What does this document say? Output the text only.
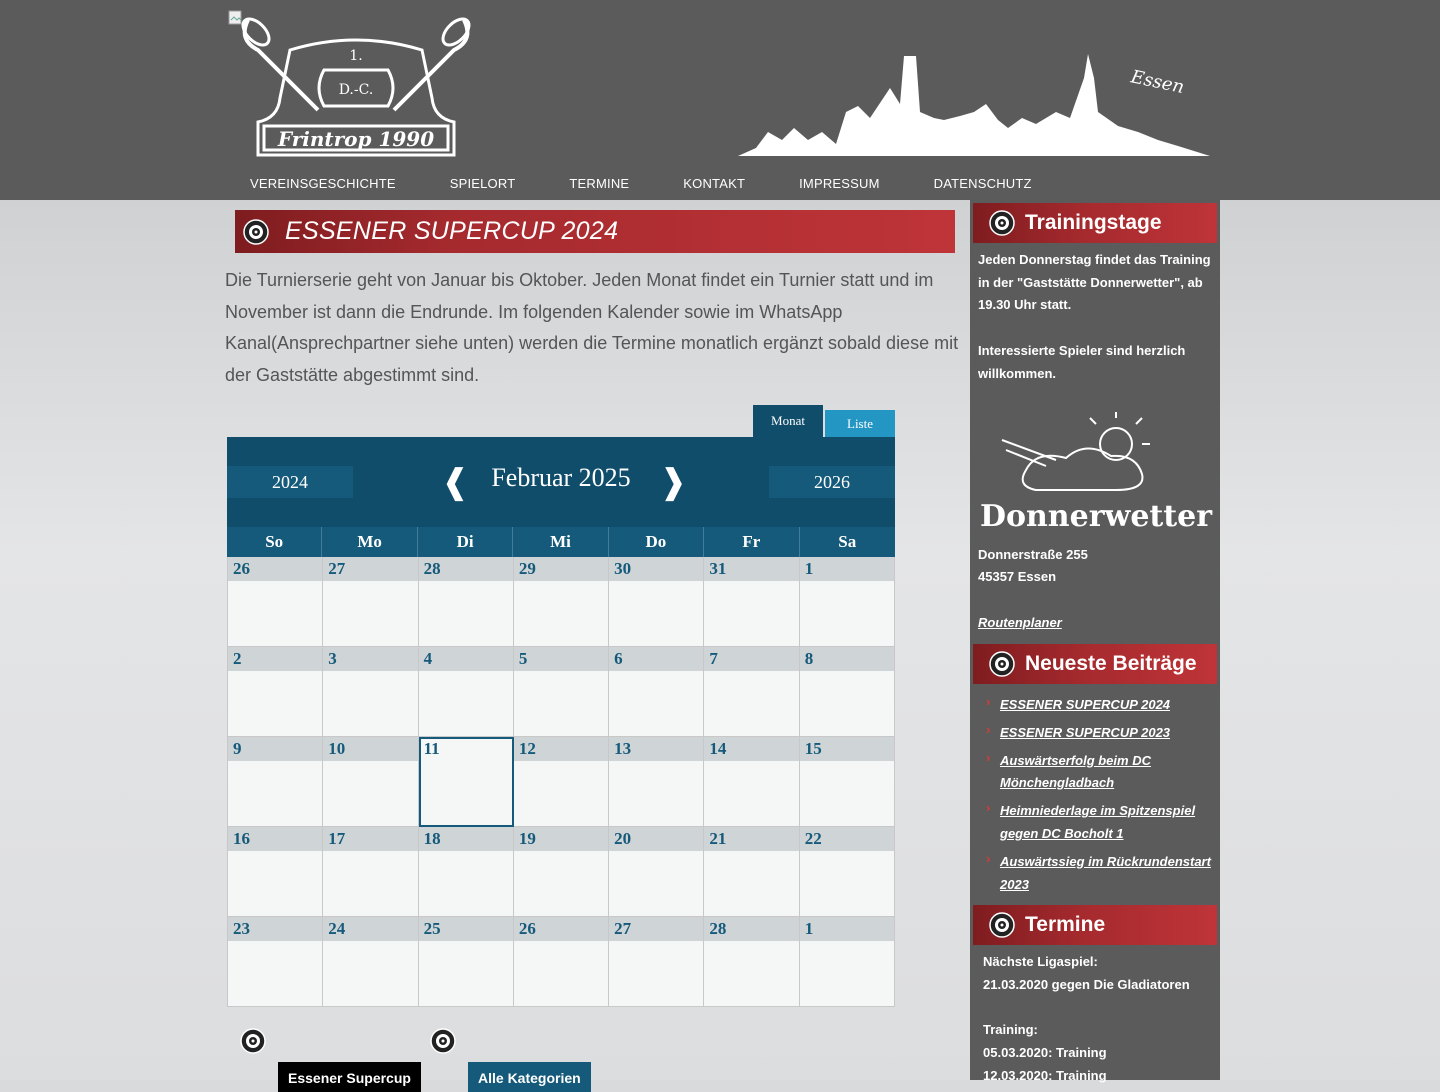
1.
D.-C.
Frintrop 1990
Essen
VEREINSGESCHICHTE	SPIELORT	TERMINE	KONTAKT	IMPRESSUM	DATENSCHUTZ
ESSENER SUPERCUP 2024

Die Turnierserie geht von Januar bis Oktober. Jeden Monat findet ein Turnier statt und im November ist dann die Endrunde. Im folgenden Kalender sowie im WhatsApp Kanal(Ansprechpartner siehe unten) werden die Termine monatlich ergänzt sobald diese mit der Gaststätte abgestimmt sind.

Monat	Liste
2024	❰ Februar 2025 ❱	2026
So	Mo	Di	Mi	Do	Fr	Sa
26	27	28	29	30	31	1
2	3	4	5	6	7	8
9	10	11	12	13	14	15
16	17	18	19	20	21	22
23	24	25	26	27	28	1
Essener Supercup	Alle Kategorien
Trainingstage

Jeden Donnerstag findet das Training in der "Gaststätte Donnerwetter", ab 19.30 Uhr statt.

Interessierte Spieler sind herzlich willkommen.

Donnerwetter

Donnerstraße 255

45357 Essen

Routenplaner

Neueste Beiträge
› ESSENER SUPERCUP 2024
› ESSENER SUPERCUP 2023
› Auswärtserfolg beim DC Mönchengladbach
› Heimniederlage im Spitzenspiel gegen DC Bocholt 1
› Auswärtssieg im Rückrundenstart 2023
Termine

Nächste Ligaspiel:

21.03.2020 gegen Die Gladiatoren

Training:

05.03.2020: Training

12.03.2020: Training
